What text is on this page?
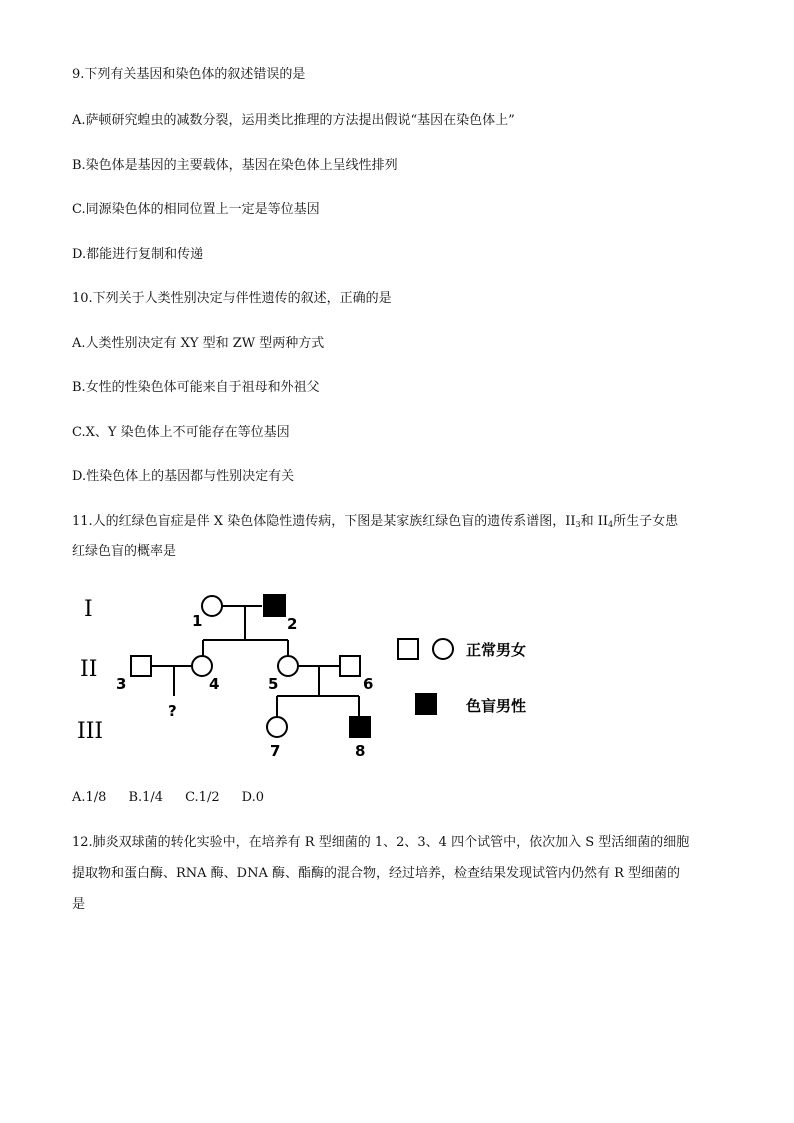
9.下列有关基因和染色体的叙述错误的是
A.萨顿研究蝗虫的减数分裂，运用类比推理的方法提出假说“基因在染色体上”
B.染色体是基因的主要载体，基因在染色体上呈线性排列
C.同源染色体的相同位置上一定是等位基因
D.都能进行复制和传递
10.下列关于人类性别决定与伴性遗传的叙述，正确的是
A.人类性别决定有 XY 型和 ZW 型两种方式
B.女性的性染色体可能来自于祖母和外祖父
C.X、Y 染色体上不可能存在等位基因
D.性染色体上的基因都与性别决定有关
11.人的红绿色盲症是伴 X 染色体隐性遗传病，下图是某家族红绿色盲的遗传系谱图，$II_3$和 $II_4$所生子女患
红绿色盲的概率是
I
II
III
1	2
3	4	5	6
7	8
?
正常男女
色盲男性
A.1/8 B.1/4 C.1/2 D.0
12.肺炎双球菌的转化实验中，在培养有 R 型细菌的 1、2、3、4 四个试管中，依次加入 S 型活细菌的细胞
提取物和蛋白酶、RNA 酶、DNA 酶、酯酶的混合物，经过培养，检查结果发现试管内仍然有 R 型细菌的
是
